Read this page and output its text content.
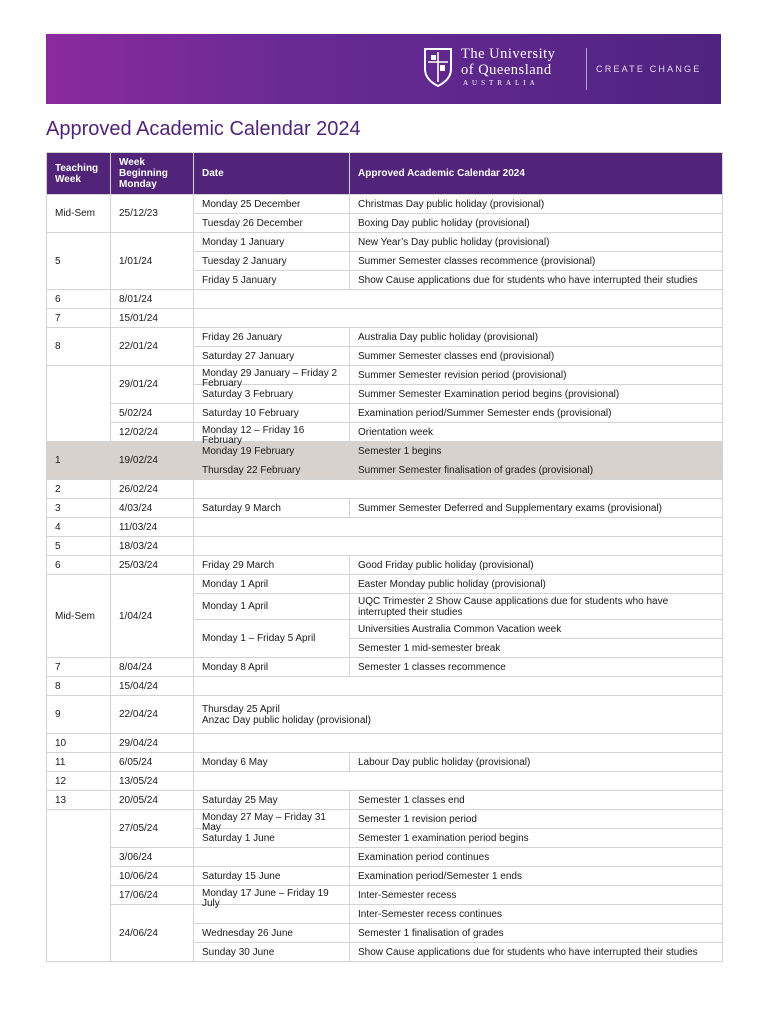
The University
of Queensland
AUSTRALIA
CREATE CHANGE
Approved Academic Calendar 2024
Teaching Week	Week Beginning Monday	Date	Approved Academic Calendar 2024
Mid-Sem	25/12/23	Monday 25 December	Christmas Day public holiday (provisional)
		Tuesday 26 December	Boxing Day public holiday (provisional)
5	1/01/24	Monday 1 January	New Year’s Day public holiday (provisional)
		Tuesday 2 January	Summer Semester classes recommence (provisional)
		Friday 5 January	Show Cause applications due for students who have interrupted their studies
6	8/01/24		
7	15/01/24		
8	22/01/24	Friday 26 January	Australia Day public holiday (provisional)
		Saturday 27 January	Summer Semester classes end (provisional)
	29/01/24	Monday 29 January – Friday 2 February	Summer Semester revision period (provisional)
		Saturday 3 February	Summer Semester Examination period begins (provisional)
	5/02/24	Saturday 10 February	Examination period/Summer Semester ends (provisional)
	12/02/24	Monday 12 – Friday 16 February	Orientation week
1	19/02/24	Monday 19 February	Semester 1 begins
		Thursday 22 February	Summer Semester finalisation of grades (provisional)
2	26/02/24		
3	4/03/24	Saturday 9 March	Summer Semester Deferred and Supplementary exams (provisional)
4	11/03/24		
5	18/03/24		
6	25/03/24	Friday 29 March	Good Friday public holiday (provisional)
Mid-Sem	1/04/24	Monday 1 April	Easter Monday public holiday (provisional)
		Monday 1 April	UQC Trimester 2 Show Cause applications due for students who have interrupted their studies
		Monday 1 – Friday 5 April	Universities Australia Common Vacation week
			Semester 1 mid-semester break
7	8/04/24	Monday 8 April	Semester 1 classes recommence
8	15/04/24		
9	22/04/24	Thursday 25 April
Anzac Day public holiday (provisional)	

10	29/04/24		
11	6/05/24	Monday 6 May	Labour Day public holiday (provisional)
12	13/05/24		
13	20/05/24	Saturday 25 May	Semester 1 classes end
	27/05/24	Monday 27 May – Friday 31 May	Semester 1 revision period
		Saturday 1 June	Semester 1 examination period begins
	3/06/24		Examination period continues
	10/06/24	Saturday 15 June	Examination period/Semester 1 ends
	17/06/24	Monday 17 June – Friday 19 July	Inter-Semester recess
	24/06/24		Inter-Semester recess continues
		Wednesday 26 June	Semester 1 finalisation of grades
		Sunday 30 June	Show Cause applications due for students who have interrupted their studies
